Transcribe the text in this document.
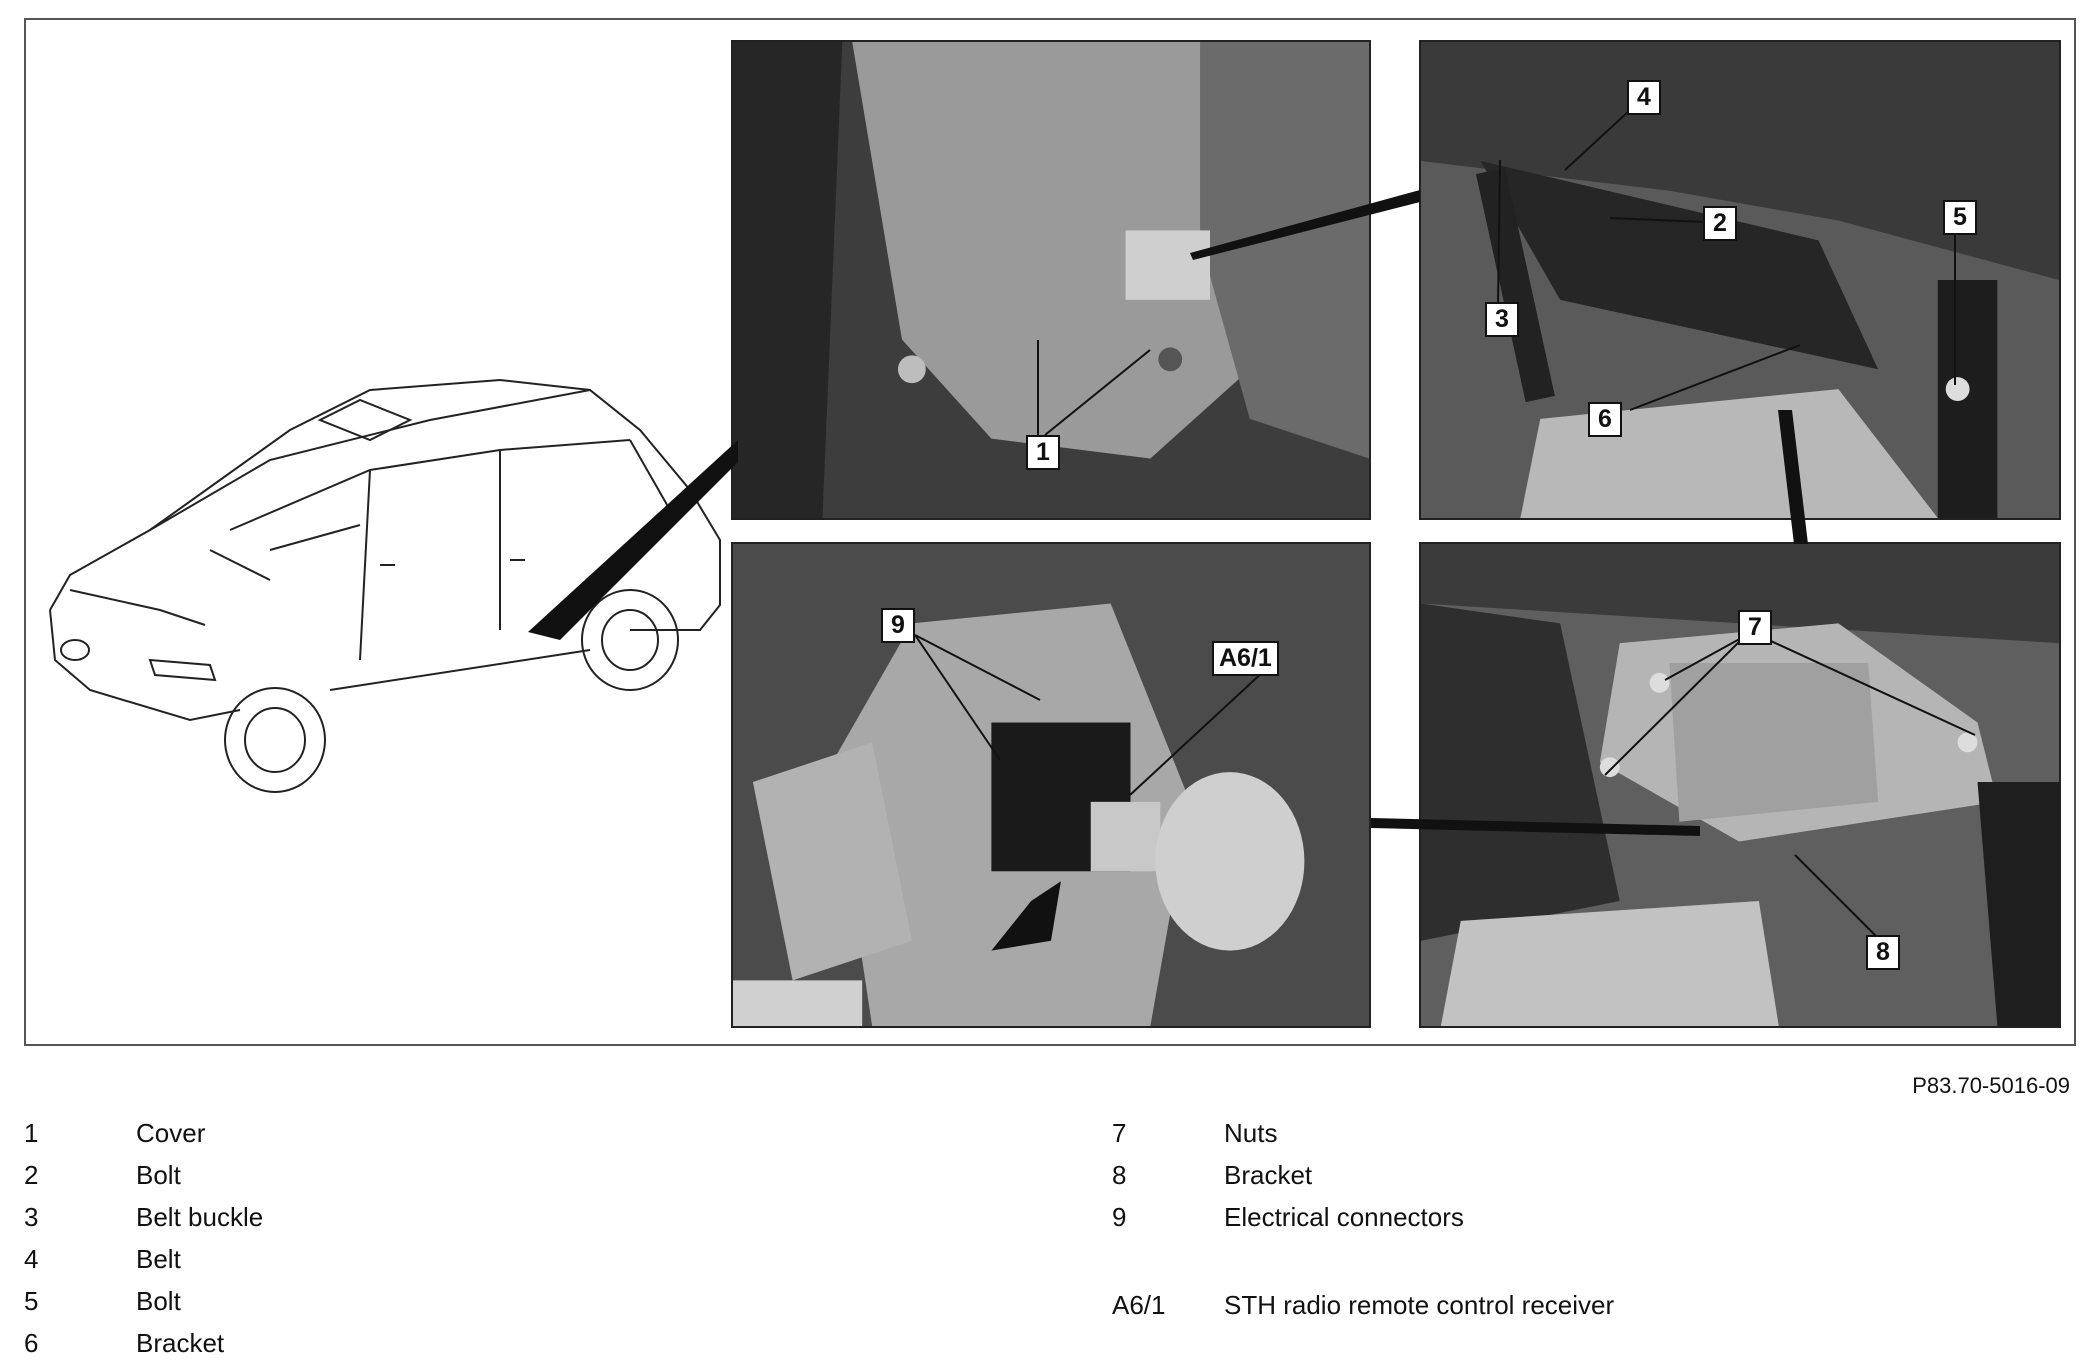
1
2
3
4
5
6
7
8
9
A6/1
P83.70-5016-09
1	Cover
2	Bolt
3	Belt buckle
4	Belt
5	Bolt
6	Bracket
7	Nuts
8	Bracket
9	Electrical connectors
A6/1 STH radio remote control receiver
